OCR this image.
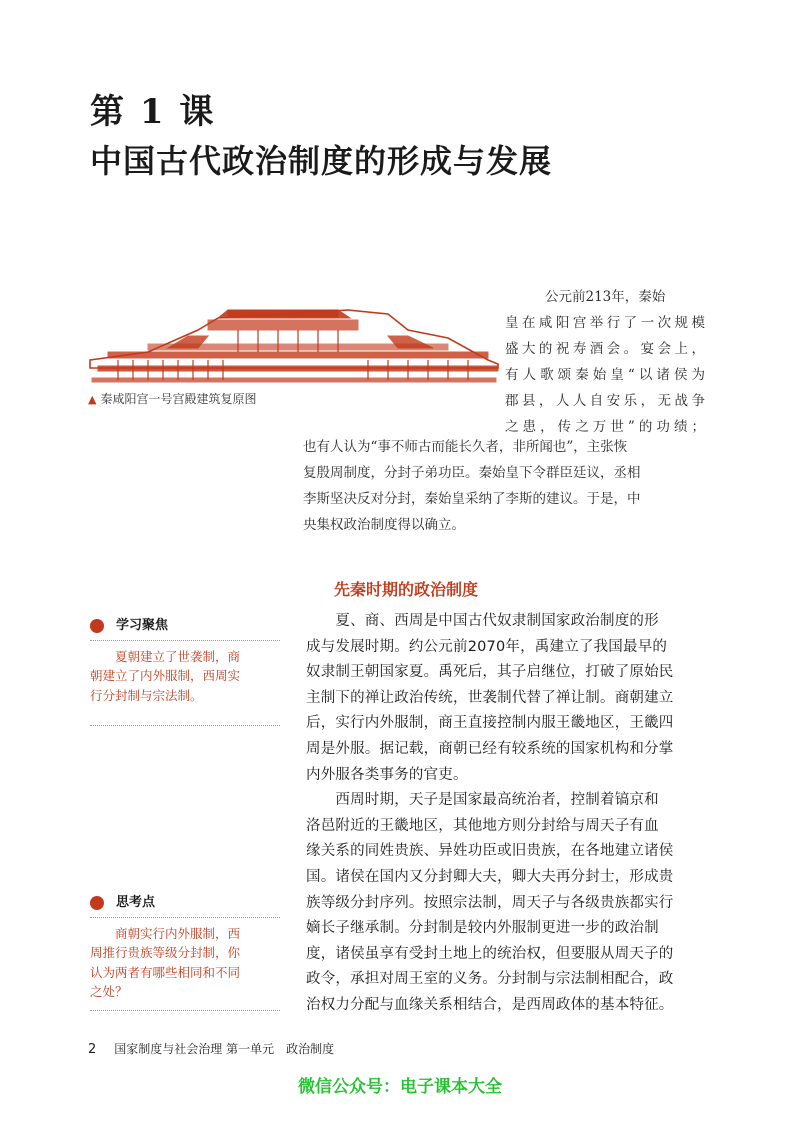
第 1 课
中国古代政治制度的形成与发展
▲ 秦咸阳宫一号宫殿建筑复原图
公元前213年，秦始
皇在咸阳宫举行了一次规模
盛大的祝寿酒会。宴会上，
有人歌颂秦始皇“以诸侯为
郡县，人人自安乐，无战争
之患，传之万世”的功绩；
也有人认为“事不师古而能长久者，非所闻也”，主张恢
复殷周制度，分封子弟功臣。秦始皇下令群臣廷议，丞相
李斯坚决反对分封，秦始皇采纳了李斯的建议。于是，中
央集权政治制度得以确立。
先秦时期的政治制度
　　夏、商、西周是中国古代奴隶制国家政治制度的形
成与发展时期。约公元前2070年，禹建立了我国最早的
奴隶制王朝国家夏。禹死后，其子启继位，打破了原始民
主制下的禅让政治传统，世袭制代替了禅让制。商朝建立
后，实行内外服制，商王直接控制内服王畿地区，王畿四
周是外服。据记载，商朝已经有较系统的国家机构和分掌
内外服各类事务的官吏。
　　西周时期，天子是国家最高统治者，控制着镐京和
洛邑附近的王畿地区，其他地方则分封给与周天子有血
缘关系的同姓贵族、异姓功臣或旧贵族，在各地建立诸侯
国。诸侯在国内又分封卿大夫，卿大夫再分封士，形成贵
族等级分封序列。按照宗法制，周天子与各级贵族都实行
嫡长子继承制。分封制是较内外服制更进一步的政治制
度，诸侯虽享有受封土地上的统治权，但要服从周天子的
政令，承担对周王室的义务。分封制与宗法制相配合，政
治权力分配与血缘关系相结合，是西周政体的基本特征。
学习聚焦
　　夏朝建立了世袭制，商
朝建立了内外服制，西周实
行分封制与宗法制。
思考点
　　商朝实行内外服制，西
周推行贵族等级分封制，你
认为两者有哪些相同和不同
之处？
2 国家制度与社会治理 第一单元　政治制度
微信公众号：电子课本大全
